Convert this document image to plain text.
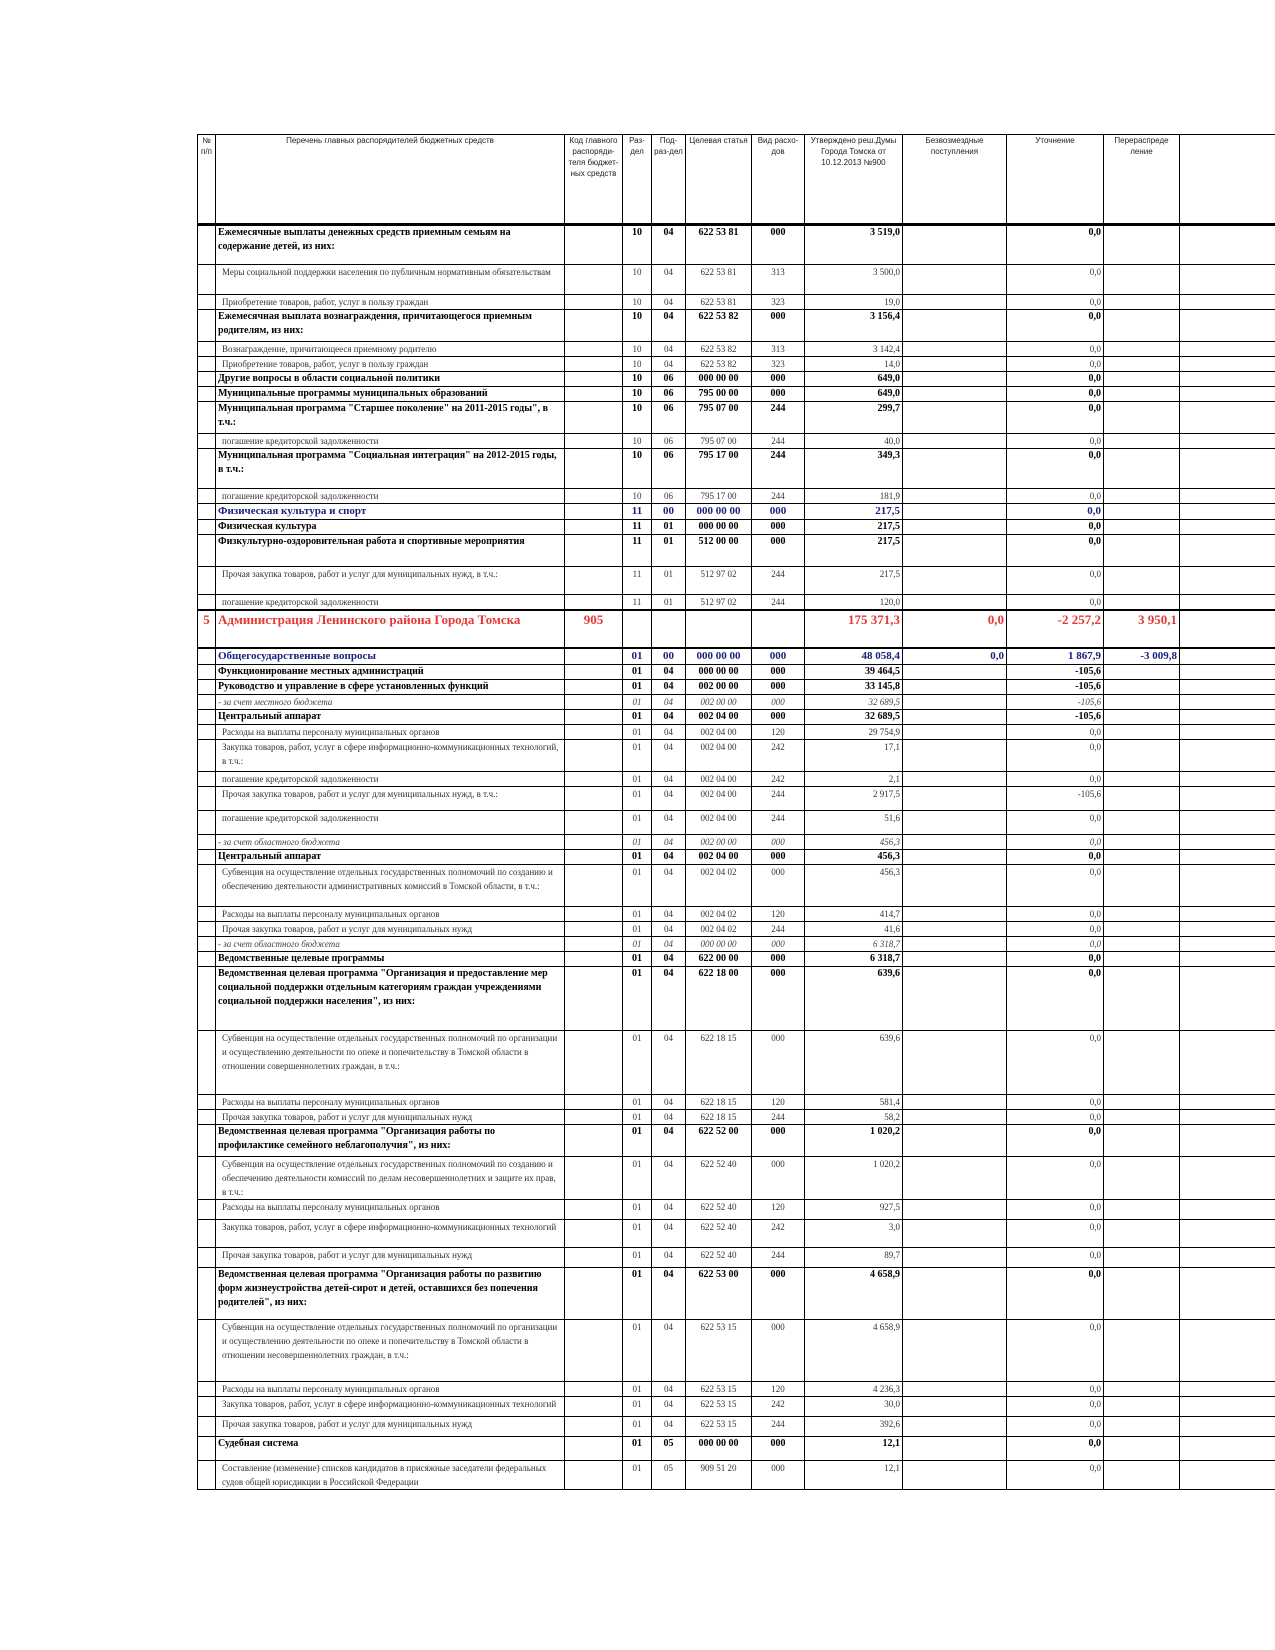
№ п/п	Перечень главных распорядителей бюджетных средств	Код главного распоряди-теля бюджет-ных средств	Раз-дел	Под-раз-дел	Целевая статья	Вид расхо-дов	Утверждено реш.Думы Города Томска от 10.12.2013 №900	Безвозмездные поступления	Уточнение	Перераспреде ление	
	Ежемесячные выплаты денежных средств приемным семьям на содержание детей, из них:		10	04	622 53 81	000	3 519,0		0,0		
	Меры социальной поддержки населения по публичным нормативным обязательствам		10	04	622 53 81	313	3 500,0		0,0		
	Приобретение товаров, работ, услуг в пользу граждан		10	04	622 53 81	323	19,0		0,0		
	Ежемесячная выплата вознаграждения, причитающегося приемным родителям, из них:		10	04	622 53 82	000	3 156,4		0,0		
	Вознаграждение, причитающееся приемному родителю		10	04	622 53 82	313	3 142,4		0,0		
	Приобретение товаров, работ, услуг в пользу граждан		10	04	622 53 82	323	14,0		0,0		
	Другие вопросы в области социальной политики		10	06	000 00 00	000	649,0		0,0		
	Муниципальные программы муниципальных образований		10	06	795 00 00	000	649,0		0,0		
	Муниципальная программа "Старшее поколение" на 2011-2015 годы", в т.ч.:		10	06	795 07 00	244	299,7		0,0		
	погашение кредиторской задолженности		10	06	795 07 00	244	40,0		0,0		
	Муниципальная программа "Социальная интеграция" на 2012-2015 годы, в т.ч.:		10	06	795 17 00	244	349,3		0,0		
	погашение кредиторской задолженности		10	06	795 17 00	244	181,9		0,0		
	Физическая культура и спорт		11	00	000 00 00	000	217,5		0,0		
	Физическая культура		11	01	000 00 00	000	217,5		0,0		
	Физкультурно-оздоровительная работа и спортивные мероприятия		11	01	512 00 00	000	217,5		0,0		
	Прочая закупка товаров, работ и услуг для муниципальных нужд, в т.ч.:		11	01	512 97 02	244	217,5		0,0		
	погашение кредиторской задолженности		11	01	512 97 02	244	120,0		0,0		
5	Администрация Ленинского района Города Томска	905					175 371,3	0,0	-2 257,2	3 950,1	
	Общегосударственные вопросы		01	00	000 00 00	000	48 058,4	0,0	1 867,9	-3 009,8	
	Функционирование местных администраций		01	04	000 00 00	000	39 464,5		-105,6		
	Руководство и управление в сфере установленных функций		01	04	002 00 00	000	33 145,8		-105,6		
	- за счет местного бюджета		01	04	002 00 00	000	32 689,5		-105,6		
	Центральный аппарат		01	04	002 04 00	000	32 689,5		-105,6		
	Расходы на выплаты персоналу муниципальных органов		01	04	002 04 00	120	29 754,9		0,0		
	Закупка товаров, работ, услуг в сфере информационно-коммуникационных технологий, в т.ч.:		01	04	002 04 00	242	17,1		0,0		
	погашение кредиторской задолженности		01	04	002 04 00	242	2,1		0,0		
	Прочая закупка товаров, работ и услуг для муниципальных нужд, в т.ч.:		01	04	002 04 00	244	2 917,5		-105,6		
	погашение кредиторской задолженности		01	04	002 04 00	244	51,6		0,0		
	- за счет областного бюджета		01	04	002 00 00	000	456,3		0,0		
	Центральный аппарат		01	04	002 04 00	000	456,3		0,0		
	Субвенция на осуществление отдельных государственных полномочий по созданию и обеспечению деятельности административных комиссий в Томской области, в т.ч.:		01	04	002 04 02	000	456,3		0,0		
	Расходы на выплаты персоналу муниципальных органов		01	04	002 04 02	120	414,7		0,0		
	Прочая закупка товаров, работ и услуг для муниципальных нужд		01	04	002 04 02	244	41,6		0,0		
	- за счет областного бюджета		01	04	000 00 00	000	6 318,7		0,0		
	Ведомственные целевые программы		01	04	622 00 00	000	6 318,7		0,0		
	Ведомственная целевая программа "Организация и предоставление мер социальной поддержки отдельным категориям граждан учреждениями социальной поддержки населения", из них:		01	04	622 18 00	000	639,6		0,0		
	Субвенция на осуществление отдельных государственных полномочий по организации и осуществлению деятельности по опеке и попечительству в Томской области в отношении совершеннолетних граждан, в т.ч.:		01	04	622 18 15	000	639,6		0,0		
	Расходы на выплаты персоналу муниципальных органов		01	04	622 18 15	120	581,4		0,0		
	Прочая закупка товаров, работ и услуг для муниципальных нужд		01	04	622 18 15	244	58,2		0,0		
	Ведомственная целевая программа "Организация работы по профилактике семейного неблагополучия", из них:		01	04	622 52 00	000	1 020,2		0,0		
	Субвенция на осуществление отдельных государственных полномочий по созданию и обеспечению деятельности комиссий по делам несовершеннолетних и защите их прав, в т.ч.:		01	04	622 52 40	000	1 020,2		0,0		
	Расходы на выплаты персоналу муниципальных органов		01	04	622 52 40	120	927,5		0,0		
	Закупка товаров, работ, услуг в сфере информационно-коммуникационных технологий		01	04	622 52 40	242	3,0		0,0		
	Прочая закупка товаров, работ и услуг для муниципальных нужд		01	04	622 52 40	244	89,7		0,0		
	Ведомственная целевая программа "Организация работы по развитию форм жизнеустройства детей-сирот и детей, оставшихся без попечения родителей", из них:		01	04	622 53 00	000	4 658,9		0,0		
	Субвенция на осуществление отдельных государственных полномочий по организации и осуществлению деятельности по опеке и попечительству в Томской области в отношении несовершеннолетних граждан, в т.ч.:		01	04	622 53 15	000	4 658,9		0,0		
	Расходы на выплаты персоналу муниципальных органов		01	04	622 53 15	120	4 236,3		0,0		
	Закупка товаров, работ, услуг в сфере информационно-коммуникационных технологий		01	04	622 53 15	242	30,0		0,0		
	Прочая закупка товаров, работ и услуг для муниципальных нужд		01	04	622 53 15	244	392,6		0,0		
	Судебная система		01	05	000 00 00	000	12,1		0,0		
	Составление (изменение) списков кандидатов в присяжные заседатели федеральных судов общей юрисдикции в Российской Федерации		01	05	909 51 20	000	12,1		0,0		
